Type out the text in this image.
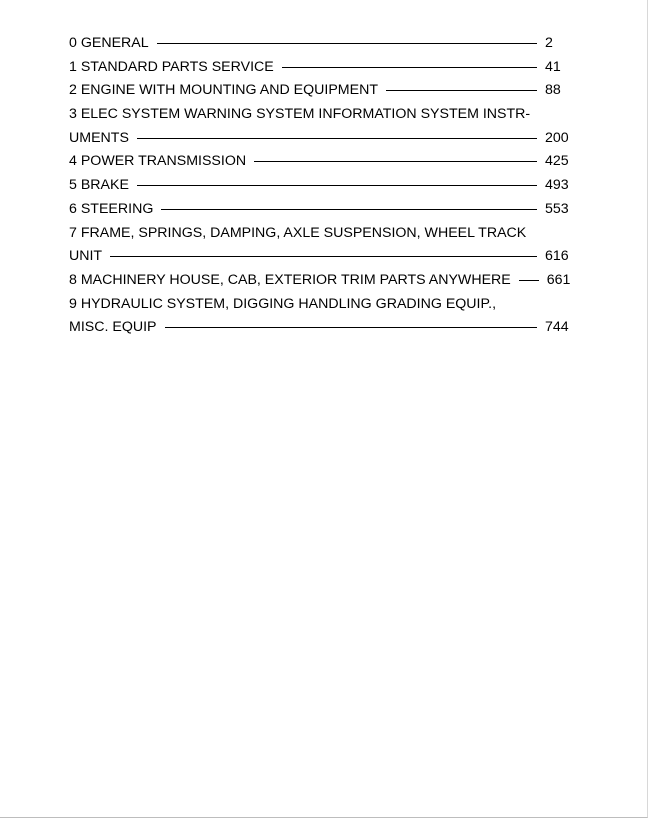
0 GENERAL	2
1 STANDARD PARTS SERVICE	41
2 ENGINE WITH MOUNTING AND EQUIPMENT	88
3 ELEC SYSTEM WARNING SYSTEM INFORMATION SYSTEM INSTR-
UMENTS	200
4 POWER TRANSMISSION	425
5 BRAKE	493
6 STEERING	553
7 FRAME, SPRINGS, DAMPING, AXLE SUSPENSION, WHEEL TRACK
UNIT	616
8 MACHINERY HOUSE, CAB, EXTERIOR TRIM PARTS ANYWHERE	661
9 HYDRAULIC SYSTEM, DIGGING HANDLING GRADING EQUIP.,
MISC. EQUIP	744
